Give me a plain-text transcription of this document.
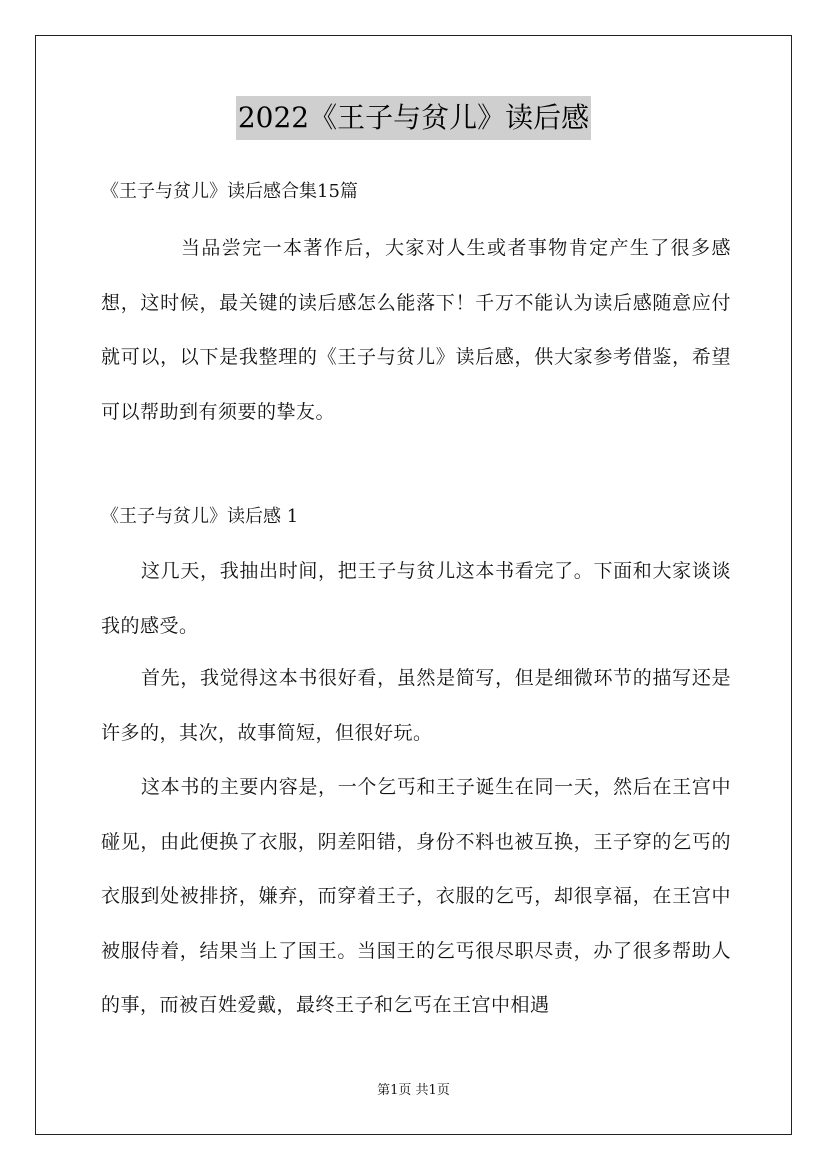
2022《王子与贫儿》读后感
《王子与贫儿》读后感合集15篇
当品尝完一本著作后，大家对人生或者事物肯定产生了很多感想，这时候，最关键的读后感怎么能落下！千万不能认为读后感随意应付就可以，以下是我整理的《王子与贫儿》读后感，供大家参考借鉴，希望可以帮助到有须要的挚友。
《王子与贫儿》读后感 1
这几天，我抽出时间，把王子与贫儿这本书看完了。下面和大家谈谈我的感受。
首先，我觉得这本书很好看，虽然是简写，但是细微环节的描写还是许多的，其次，故事简短，但很好玩。
这本书的主要内容是，一个乞丐和王子诞生在同一天，然后在王宫中碰见，由此便换了衣服，阴差阳错，身份不料也被互换，王子穿的乞丐的衣服到处被排挤，嫌弃，而穿着王子，衣服的乞丐，却很享福，在王宫中被服侍着，结果当上了国王。当国王的乞丐很尽职尽责，办了很多帮助人的事，而被百姓爱戴，最终王子和乞丐在王宫中相遇
第1页 共1页
